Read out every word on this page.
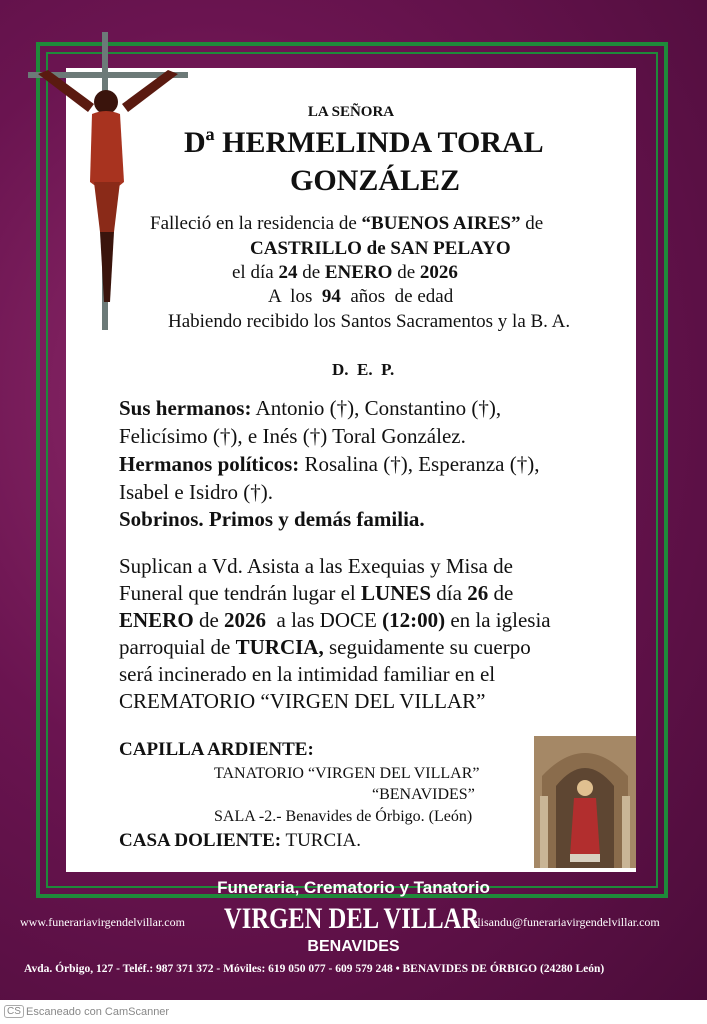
LA SEÑORA
Dª HERMELINDA TORAL
GONZÁLEZ
Falleció en la residencia de “BUENOS AIRES” de
CASTRILLO de SAN PELAYO
el día 24 de ENERO de 2026
A  los  94  años  de edad
Habiendo recibido los Santos Sacramentos y la B. A.
D.  E.  P.
Sus hermanos: Antonio (†), Constantino (†),
Felicísimo (†), e Inés (†) Toral González.
Hermanos políticos: Rosalina (†), Esperanza (†),
Isabel e Isidro (†).
Sobrinos. Primos y demás familia.
Suplican a Vd. Asista a las Exequias y Misa de
Funeral que tendrán lugar el LUNES día 26 de
ENERO de 2026  a las DOCE (12:00) en la iglesia
parroquial de TURCIA, seguidamente su cuerpo
será incinerado en la intimidad familiar en el
CREMATORIO “VIRGEN DEL VILLAR”
CAPILLA ARDIENTE:
TANATORIO “VIRGEN DEL VILLAR”
“BENAVIDES”
SALA -2.- Benavides de Órbigo. (León)
CASA DOLIENTE: TURCIA.
Funeraria, Crematorio y Tanatorio
www.funerariavirgendelvillar.com VIRGEN DEL VILLAR
elisandu@funerariavirgendelvillar.com
BENAVIDES
Avda. Órbigo, 127 - Teléf.: 987 371 372 - Móviles: 619 050 077 - 609 579 248 • BENAVIDES DE ÓRBIGO (24280 León)
CS Escaneado con CamScanner
